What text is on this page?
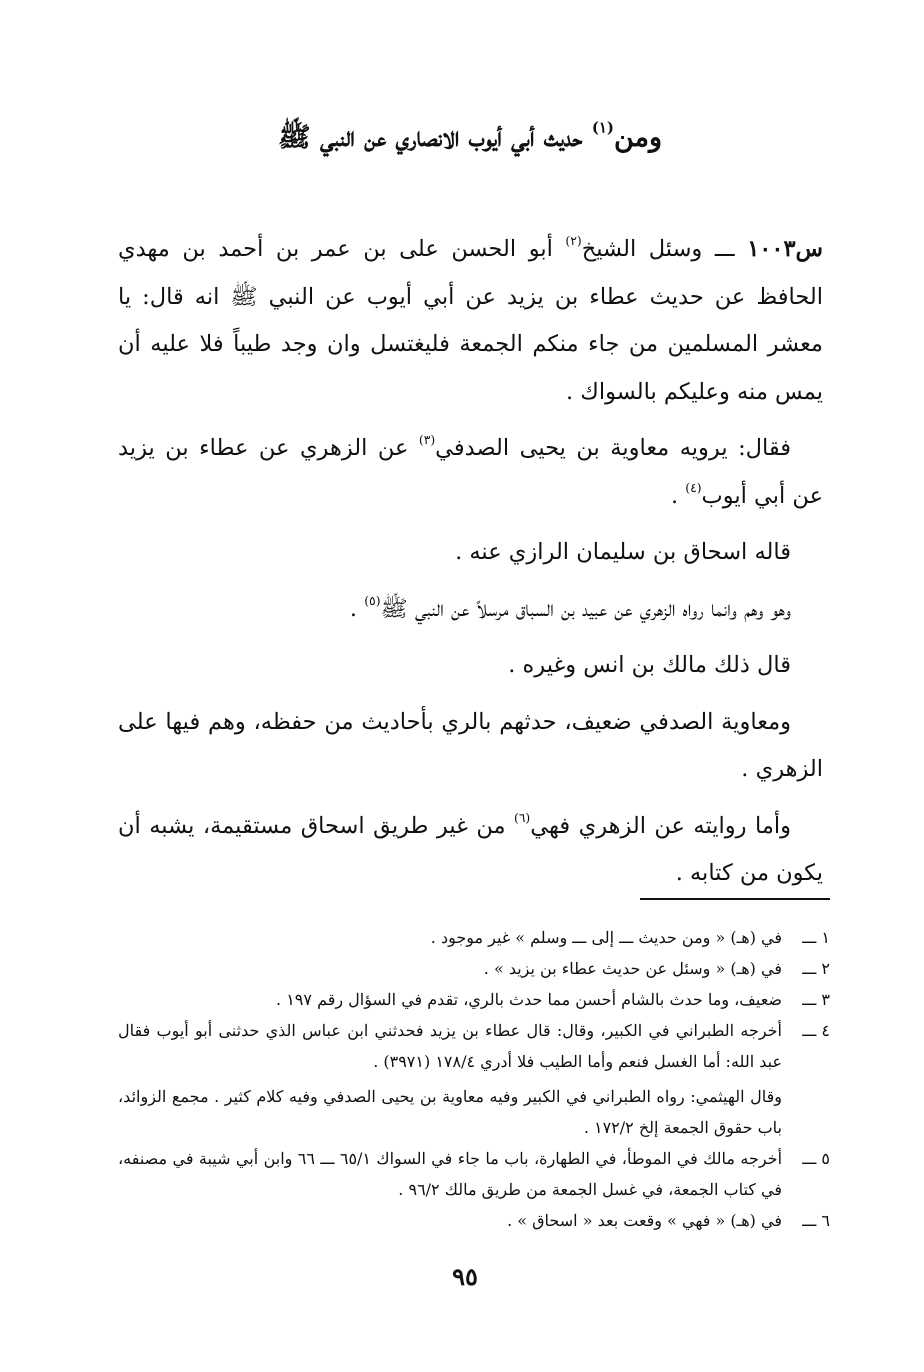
ومن$^{(١)}$ حديث أبي أيوب الانصاري عن النبي ﷺ

س١٠٠٣ ـــ وسئل الشيخ$^{(٢)}$ أبو الحسن على بن عمر بن أحمد بن مهدي الحافظ عن حديث عطاء بن يزيد عن أبي أيوب عن النبي ﷺ انه قال: يا معشر المسلمين من جاء منكم الجمعة فليغتسل وان وجد طيباً فلا عليه أن يمس منه وعليكم بالسواك .

فقال: يرويه معاوية بن يحيى الصدفي$^{(٣)}$ عن الزهري عن عطاء بن يزيد عن أبي أيوب$^{(٤)}$ .

قاله اسحاق بن سليمان الرازي عنه .

وهو وهم وانما رواه الزهري عن عبيد بن السباق مرسلاً عن النبي ﷺ$^{(٥)}$ .

قال ذلك مالك بن انس وغيره .

ومعاوية الصدفي ضعيف، حدثهم بالري بأحاديث من حفظه، وهم فيها على الزهري .

وأما روايته عن الزهري فهي$^{(٦)}$ من غير طريق اسحاق مستقيمة، يشبه أن يكون من كتابه .

١ ـــ
في (هـ) « ومن حديث ـــ إلى ـــ وسلم » غير موجود .
٢ ـــ
في (هـ) « وسئل عن حديث عطاء بن يزيد » .
٣ ـــ
ضعيف، وما حدث بالشام أحسن مما حدث بالري، تقدم في السؤال رقم ١٩٧ .
٤ ـــ
أخرجه الطبراني في الكبير، وقال: قال عطاء بن يزيد فحدثني ابن عباس الذي حدثنى أبو أيوب فقال عبد الله: أما الغسل فنعم وأما الطيب فلا أدري ١٧٨/٤ (٣٩٧١) .
وقال الهيثمي: رواه الطبراني في الكبير وفيه معاوية بن يحيى الصدفي وفيه كلام كثير . مجمع الزوائد، باب حقوق الجمعة إلخ ١٧٢/٢ .
٥ ـــ
أخرجه مالك في الموطأ، في الطهارة، باب ما جاء في السواك ٦٥/١ ـــ ٦٦ وابن أبي شيبة في مصنفه، في كتاب الجمعة، في غسل الجمعة من طريق مالك ٩٦/٢ .
٦ ـــ
في (هـ) « فهي » وقعت بعد « اسحاق » .
٩٥
